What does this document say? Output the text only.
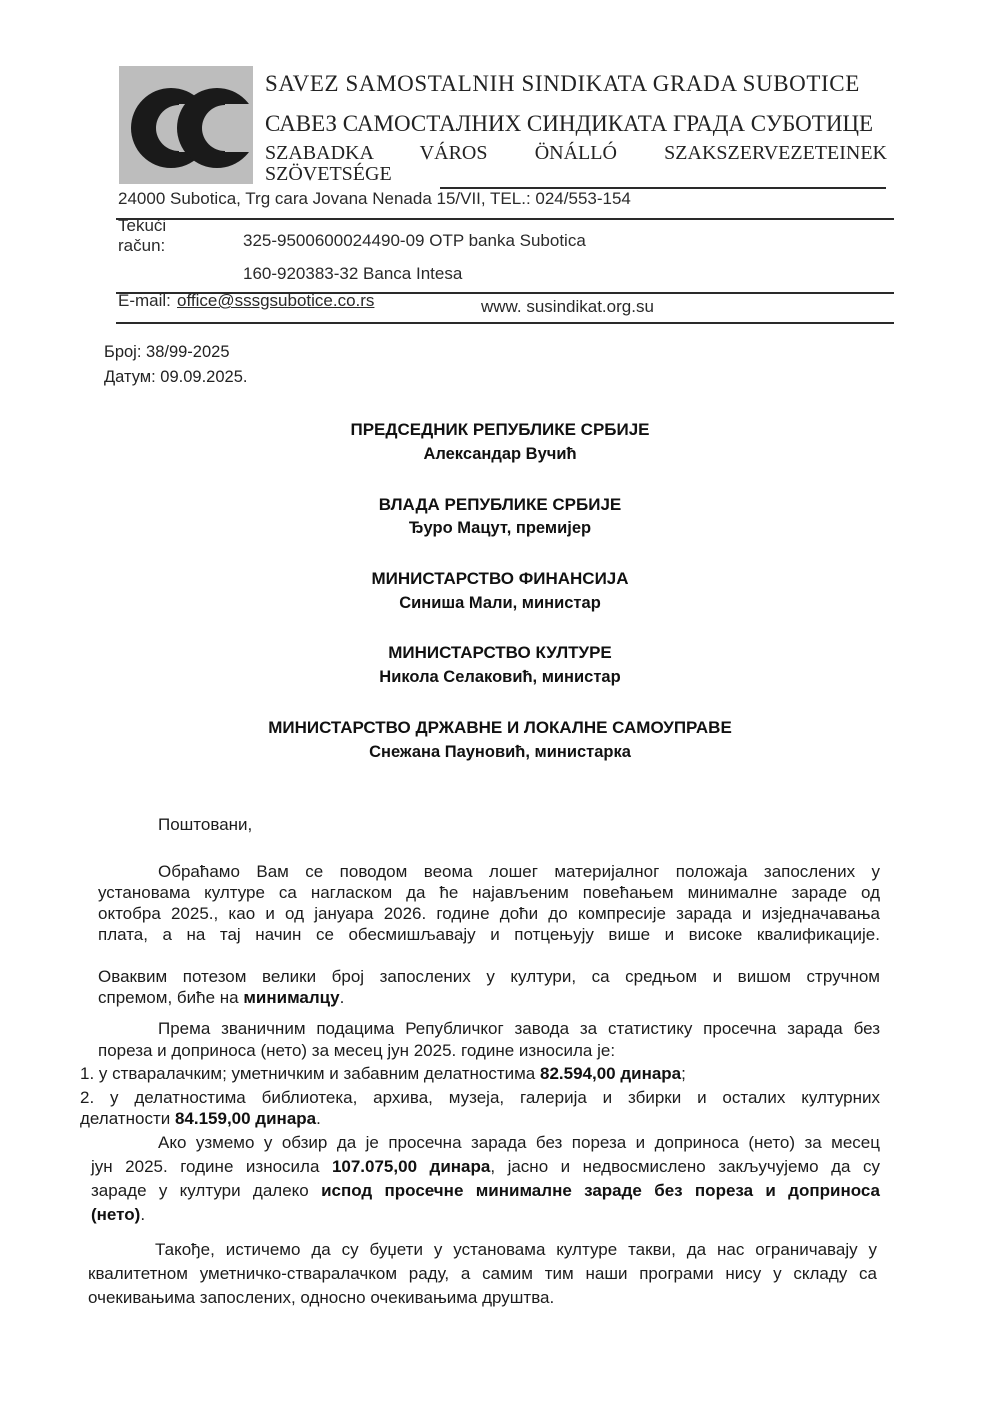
SAVEZ SAMOSTALNIH SINDIKATA GRADA SUBOTICE
САВЕЗ САМОСТАЛНИХ СИНДИКАТА ГРАДА СУБОТИЦЕ
SZABADKA VÁROS ÖNÁLLÓ SZAKSZERVEZETEINEK
SZÖVETSÉGE
24000 Subotica, Trg cara Jovana Nenada 15/VII, TEL.: 024/553-154
Tekući
račun:	325-9500600024490-09 OTP banka Subotica
160-920383-32 Banca Intesa
E-mail: office@sssgsubotice.co.rs	www. susindikat.org.su
Број: 38/99-2025
Датум: 09.09.2025.
ПРЕДСЕДНИК РЕПУБЛИКЕ СРБИЈЕ
Александар Вучић
ВЛАДА РЕПУБЛИКЕ СРБИЈЕ
Ђуро Мацут, премијер
МИНИСТАРСТВО ФИНАНСИЈА
Синиша Мали, министар
МИНИСТАРСТВО КУЛТУРЕ
Никола Селаковић, министар
МИНИСТАРСТВО ДРЖАВНЕ И ЛОКАЛНЕ САМОУПРАВЕ
Снежана Пауновић, министарка
Поштовани,
Обраћамо Вам се поводом веома лошег материјалног положаја запослених у
установама културе са нагласком да ће најављеним повећањем минималне зараде од
октобра 2025., као и од јануара 2026. године доћи до компресије зарада и изједначавања
плата, а на тај начин се обесмишљавају и потцењују више и високе квалификације.
Оваквим потезом велики број запослених у култури, са средњом и вишом стручном
спремом, биће на минималцу.
Према званичним подацима Републичког завода за статистику просечна зарада без
пореза и доприноса (нето) за месец јун 2025. године износила је:
1. у стваралачким; уметничким и забавним делатностима 82.594,00 динара;
2. у делатностима библиотека, архива, музеја, галерија и збирки и осталих културних
делатности 84.159,00 динара.
Ако узмемо у обзир да је просечна зарада без пореза и доприноса (нето) за месец
јун 2025. године износила 107.075,00 динара, јасно и недвосмислено закључујемо да су
зараде у култури далеко испод просечне минималне зараде без пореза и доприноса
(нето).
Такође, истичемо да су буџети у установама културе такви, да нас ограничавају у
квалитетном уметничко-стваралачком раду, а самим тим наши програми нису у складу са
очекивањима запослених, односно очекивањима друштва.
